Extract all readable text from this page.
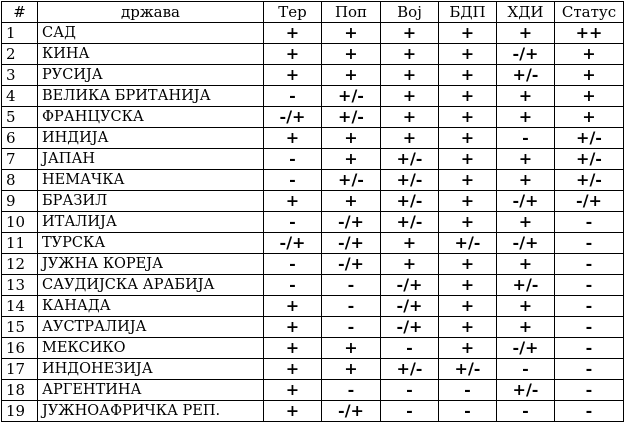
#	држава	Тер	Поп	Вој	БДП	ХДИ	Статус
1	САД	+	+	+	+	+	++
2	КИНА	+	+	+	+	-/+	+
3	РУСИЈА	+	+	+	+	+/-	+
4	ВЕЛИКА БРИТАНИЈА	-	+/-	+	+	+	+
5	ФРАНЦУСКА	-/+	+/-	+	+	+	+
6	ИНДИЈА	+	+	+	+	-	+/-
7	ЈАПАН	-	+	+/-	+	+	+/-
8	НЕМАЧКА	-	+/-	+/-	+	+	+/-
9	БРАЗИЛ	+	+	+/-	+	-/+	-/+
10	ИТАЛИЈА	-	-/+	+/-	+	+	-
11	ТУРСКА	-/+	-/+	+	+/-	-/+	-
12	ЈУЖНА КОРЕЈА	-	-/+	+	+	+	-
13	САУДИЈСКА АРАБИЈА	-	-	-/+	+	+/-	-
14	КАНАДА	+	-	-/+	+	+	-
15	АУСТРАЛИЈА	+	-	-/+	+	+	-
16	МЕКСИКО	+	+	-	+	-/+	-
17	ИНДОНЕЗИЈА	+	+	+/-	+/-	-	-
18	АРГЕНТИНА	+	-	-	-	+/-	-
19	ЈУЖНОАФРИЧКА РЕП.	+	-/+	-	-	-	-
